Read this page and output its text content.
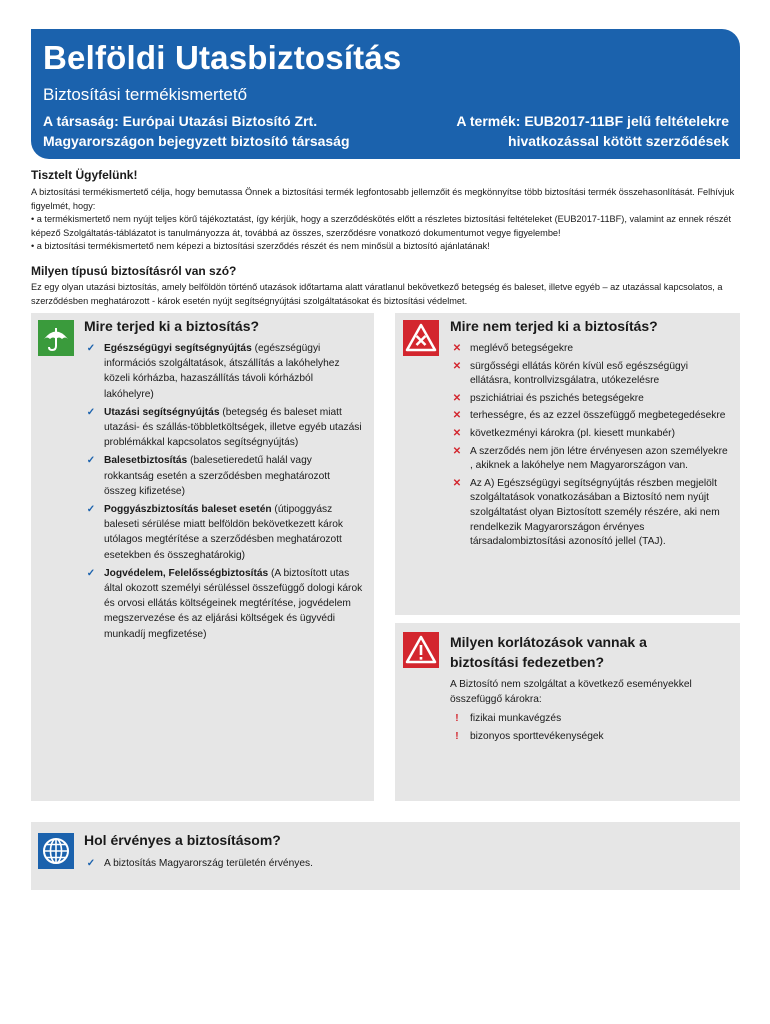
Belföldi Utasbiztosítás
Biztosítási termékismertető
A társaság: Európai Utazási Biztosító Zrt.
Magyarországon bejegyzett biztosító társaság
A termék: EUB2017-11BF jelű feltételekre
hivatkozással kötött szerződések
Tisztelt Ügyfelünk!

A biztosítási termékismertető célja, hogy bemutassa Önnek a biztosítási termék legfontosabb jellemzőit és megkönnyítse több biztosítási termék összehasonlítását. Felhívjuk figyelmét, hogy:

• a termékismertető nem nyújt teljes körű tájékoztatást, így kérjük, hogy a szerződéskötés előtt a részletes biztosítási feltételeket (EUB2017-11BF), valamint az ennek részét képező Szolgáltatás-táblázatot is tanulmányozza át, továbbá az összes, szerződésre vonatkozó dokumentumot vegye figyelembe!

• a biztosítási termékismertető nem képezi a biztosítási szerződés részét és nem minősül a biztosító ajánlatának!

Milyen típusú biztosításról van szó?
Ez egy olyan utazási biztosítás, amely belföldön történő utazások időtartama alatt váratlanul bekövetkező betegség és baleset, illetve egyéb – az utazással kapcsolatos, a szerződésben meghatározott - károk esetén nyújt segítségnyújtási szolgáltatásokat és biztosítási védelmet.
Mire terjed ki a biztosítás?
✓ Egészségügyi segítségnyújtás (egészségügyi információs szolgáltatások, átszállítás a lakóhelyhez közeli kórházba, hazaszállítás távoli kórházból lakóhelyre)
✓ Utazási segítségnyújtás (betegség és baleset miatt utazási- és szállás-többletköltségek, illetve egyéb utazási problémákkal kapcsolatos segítségnyújtás)
✓ Balesetbiztosítás (balesetieredetű halál vagy rokkantság esetén a szerződésben meghatározott összeg kifizetése)
✓ Poggyászbiztosítás baleset esetén (útipoggyász baleseti sérülése miatt belföldön bekövetkezett károk utólagos megtérítése a szerződésben meghatározott esetekben és összeghatárokig)
✓ Jogvédelem, Felelősségbiztosítás (A biztosított utas által okozott személyi sérüléssel összefüggő dologi károk és orvosi ellátás költségeinek megtérítése, jogvédelem megszervezése és az eljárási költségek és ügyvédi munkadíj megfizetése)
Mire nem terjed ki a biztosítás?
✕ meglévő betegségekre
✕ sürgősségi ellátás körén kívül eső egészségügyi ellátásra, kontrollvizsgálatra, utókezelésre
✕ pszichiátriai és pszichés betegségekre
✕ terhességre, és az ezzel összefüggő megbetegedésekre
✕ következményi károkra (pl. kiesett munkabér)
✕ A szerződés nem jön létre érvényesen azon személyekre , akiknek a lakóhelye nem Magyarországon van.
✕ Az A) Egészségügyi segítségnyújtás részben megjelölt szolgáltatások vonatkozásában a Biztosító nem nyújt szolgáltatást olyan Biztosított személy részére, aki nem rendelkezik Magyarországon érvényes társadalombiztosítási azonosító jellel (TAJ).
Milyen korlátozások vannak a
biztosítási fedezetben?
A Biztosító nem szolgáltat a következő eseményekkel összefüggő károkra:
!	fizikai munkavégzés
!	bizonyos sporttevékenységek
Hol érvényes a biztosításom?
✓ A biztosítás Magyarország területén érvényes.
